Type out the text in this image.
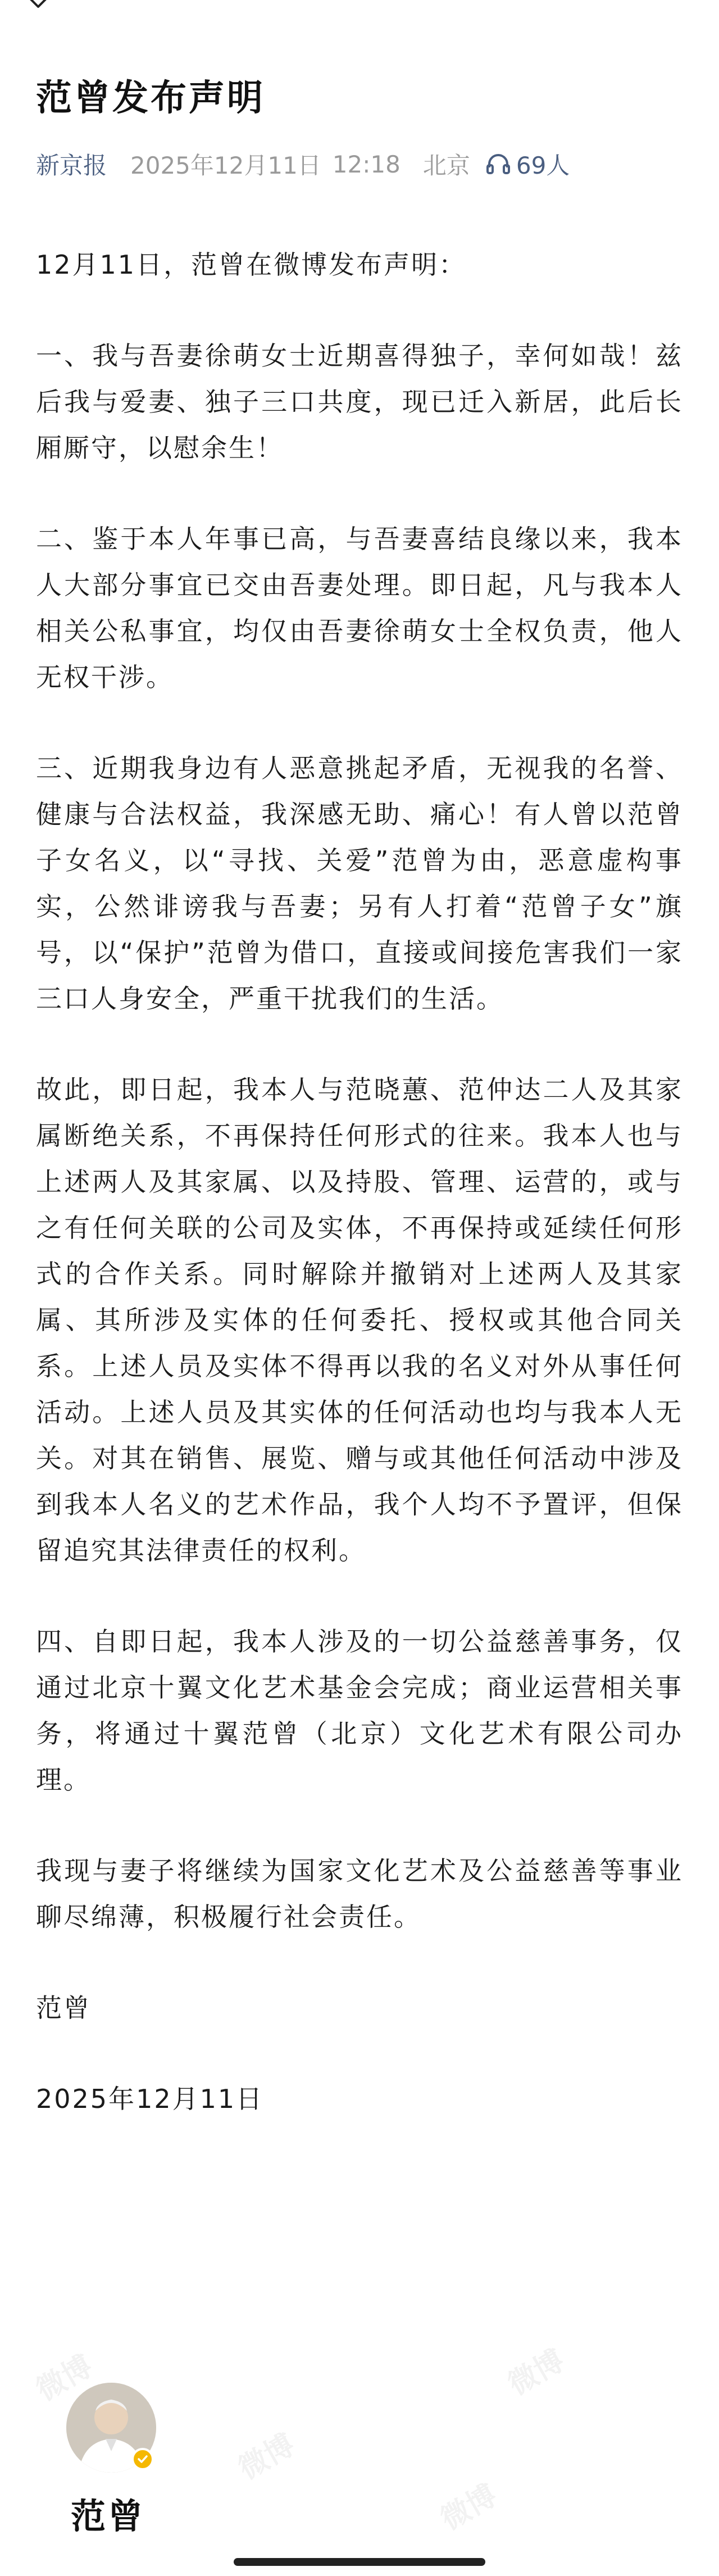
范曾发布声明
新京报 2025年12月11日 12:18 北京 69人

12月11日，范曾在微博发布声明：

一、我与吾妻徐萌女士近期喜得独子，幸何如哉！兹后我与爱妻、独子三口共度，现已迁入新居，此后长厢厮守，以慰余生！

二、鉴于本人年事已高，与吾妻喜结良缘以来，我本人大部分事宜已交由吾妻处理。即日起，凡与我本人相关公私事宜，均仅由吾妻徐萌女士全权负责，他人无权干涉。

三、近期我身边有人恶意挑起矛盾，无视我的名誉、健康与合法权益，我深感无助、痛心！有人曾以范曾子女名义，以“寻找、关爱”范曾为由，恶意虚构事实，公然诽谤我与吾妻；另有人打着“范曾子女”旗号，以“保护”范曾为借口，直接或间接危害我们一家三口人身安全，严重干扰我们的生活。

故此，即日起，我本人与范晓蕙、范仲达二人及其家属断绝关系，不再保持任何形式的往来。我本人也与上述两人及其家属、以及持股、管理、运营的，或与之有任何关联的公司及实体，不再保持或延续任何形式的合作关系。同时解除并撤销对上述两人及其家属、其所涉及实体的任何委托、授权或其他合同关系。上述人员及实体不得再以我的名义对外从事任何活动。上述人员及其实体的任何活动也均与我本人无关。对其在销售、展览、赠与或其他任何活动中涉及到我本人名义的艺术作品，我个人均不予置评，但保留追究其法律责任的权利。

四、自即日起，我本人涉及的一切公益慈善事务，仅通过北京十翼文化艺术基金会完成；商业运营相关事务，将通过十翼范曾（北京）文化艺术有限公司办理。

我现与妻子将继续为国家文化艺术及公益慈善等事业聊尽绵薄，积极履行社会责任。

范曾

2025年12月11日

微博
微博
微博
微博
范曾
